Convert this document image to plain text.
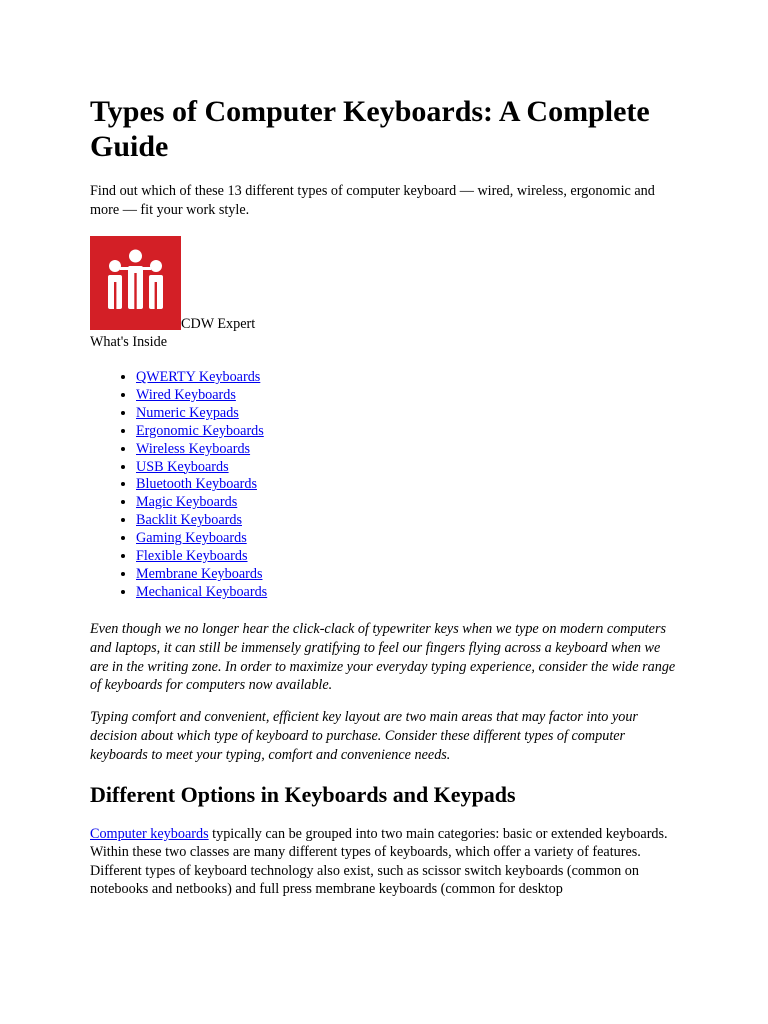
Types of Computer Keyboards: A Complete Guide

Find out which of these 13 different types of computer keyboard — wired, wireless, ergonomic and more — fit your work style.

CDW Expert
What's Inside
• QWERTY Keyboards
• Wired Keyboards
• Numeric Keypads
• Ergonomic Keyboards
• Wireless Keyboards
• USB Keyboards
• Bluetooth Keyboards
• Magic Keyboards
• Backlit Keyboards
• Gaming Keyboards
• Flexible Keyboards
• Membrane Keyboards
• Mechanical Keyboards

Even though we no longer hear the click-clack of typewriter keys when we type on modern computers and laptops, it can still be immensely gratifying to feel our fingers flying across a keyboard when we are in the writing zone. In order to maximize your everyday typing experience, consider the wide range of keyboards for computers now available.

Typing comfort and convenient, efficient key layout are two main areas that may factor into your decision about which type of keyboard to purchase. Consider these different types of computer keyboards to meet your typing, comfort and convenience needs.

Different Options in Keyboards and Keypads

Computer keyboards typically can be grouped into two main categories: basic or extended keyboards. Within these two classes are many different types of keyboards, which offer a variety of features. Different types of keyboard technology also exist, such as scissor switch keyboards (common on notebooks and netbooks) and full press membrane keyboards (common for desktop
